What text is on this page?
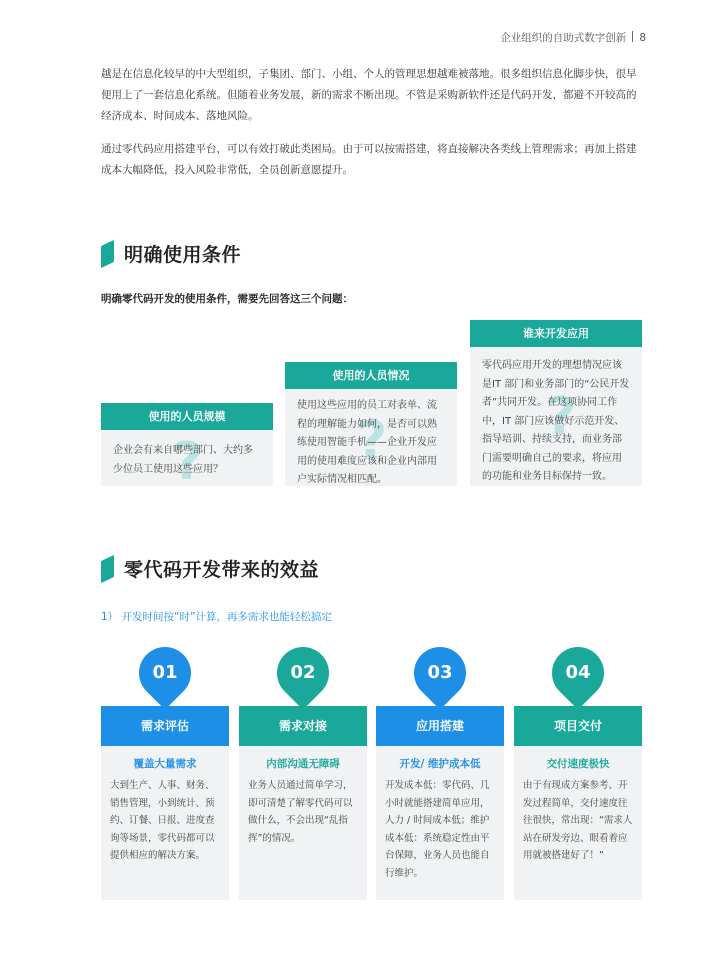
企业组织的自助式数字创新 8

越是在信息化较早的中大型组织，子集团、部门、小组、个人的管理思想越难被落地。很多组织信息化脚步快，很早便用上了一套信息化系统。但随着业务发展，新的需求不断出现。不管是采购新软件还是代码开发，都避不开较高的经济成本、时间成本、落地风险。

通过零代码应用搭建平台，可以有效打破此类困局。由于可以按需搭建，将直接解决各类线上管理需求；再加上搭建成本大幅降低，投入风险非常低，全员创新意愿提升。

明确使用条件

明确零代码开发的使用条件，需要先回答这三个问题：

使用的人员规模
?
企业会有来自哪些部门、大约多少位员工使用这些应用？
使用的人员情况
?
使用这些应用的员工对表单、流程的理解能力如何，是否可以熟练使用智能手机——企业开发应用的使用难度应该和企业内部用户实际情况相匹配。
谁来开发应用
?
零代码应用开发的理想情况应该是IT 部门和业务部门的“公民开发者”共同开发。在这项协同工作中，IT 部门应该做好示范开发、指导培训、持续支持，而业务部门需要明确自己的要求，将应用的功能和业务目标保持一致。
零代码开发带来的效益

1） 开发时间按“时”计算，再多需求也能轻松搞定

01
需求评估
覆盖大量需求
大到生产、人事、财务、销售管理，小到统计、预约、订餐、日报、进度查询等场景，零代码都可以提供相应的解决方案。
02
需求对接
内部沟通无障碍
业务人员通过简单学习，即可清楚了解零代码可以做什么，不会出现“乱指挥”的情况。
03
应用搭建
开发/ 维护成本低
开发成本低：零代码、几小时就能搭建简单应用，人力 / 时间成本低；维护成本低：系统稳定性由平台保障，业务人员也能自行维护。
04
项目交付
交付速度极快
由于有现成方案参考、开发过程简单，交付速度往往很快，常出现：“需求人站在研发旁边、眼看着应用就被搭建好了！”
